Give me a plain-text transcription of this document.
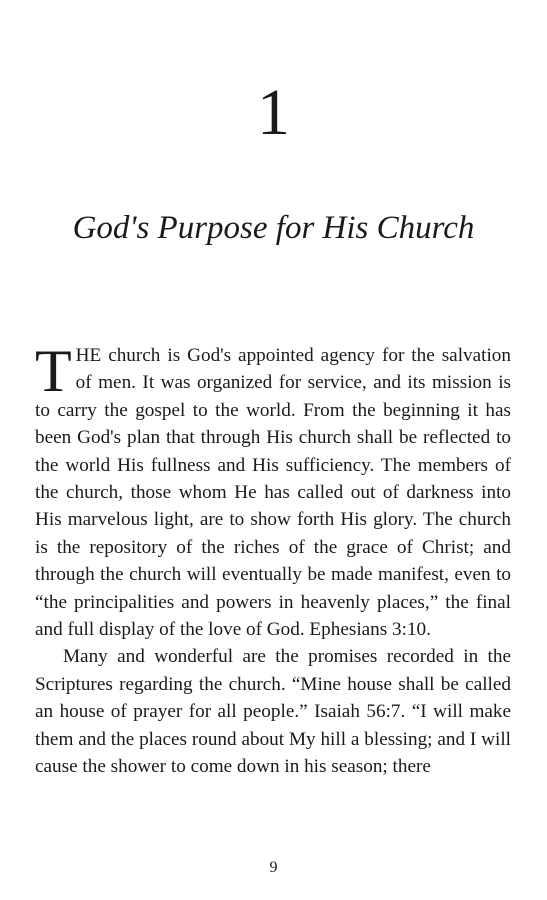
1
God's Purpose for His Church

THE church is God's appointed agency for the salvation of men. It was organized for service, and its mission is to carry the gospel to the world. From the beginning it has been God's plan that through His church shall be reflected to the world His fullness and His sufficiency. The members of the church, those whom He has called out of darkness into His marvelous light, are to show forth His glory. The church is the repository of the riches of the grace of Christ; and through the church will eventually be made manifest, even to “the principalities and powers in heavenly places,” the final and full display of the love of God. Ephesians 3:10.

Many and wonderful are the promises recorded in the Scriptures regarding the church. “Mine house shall be called an house of prayer for all people.” Isaiah 56:7. “I will make them and the places round about My hill a blessing; and I will cause the shower to come down in his season; there

9
